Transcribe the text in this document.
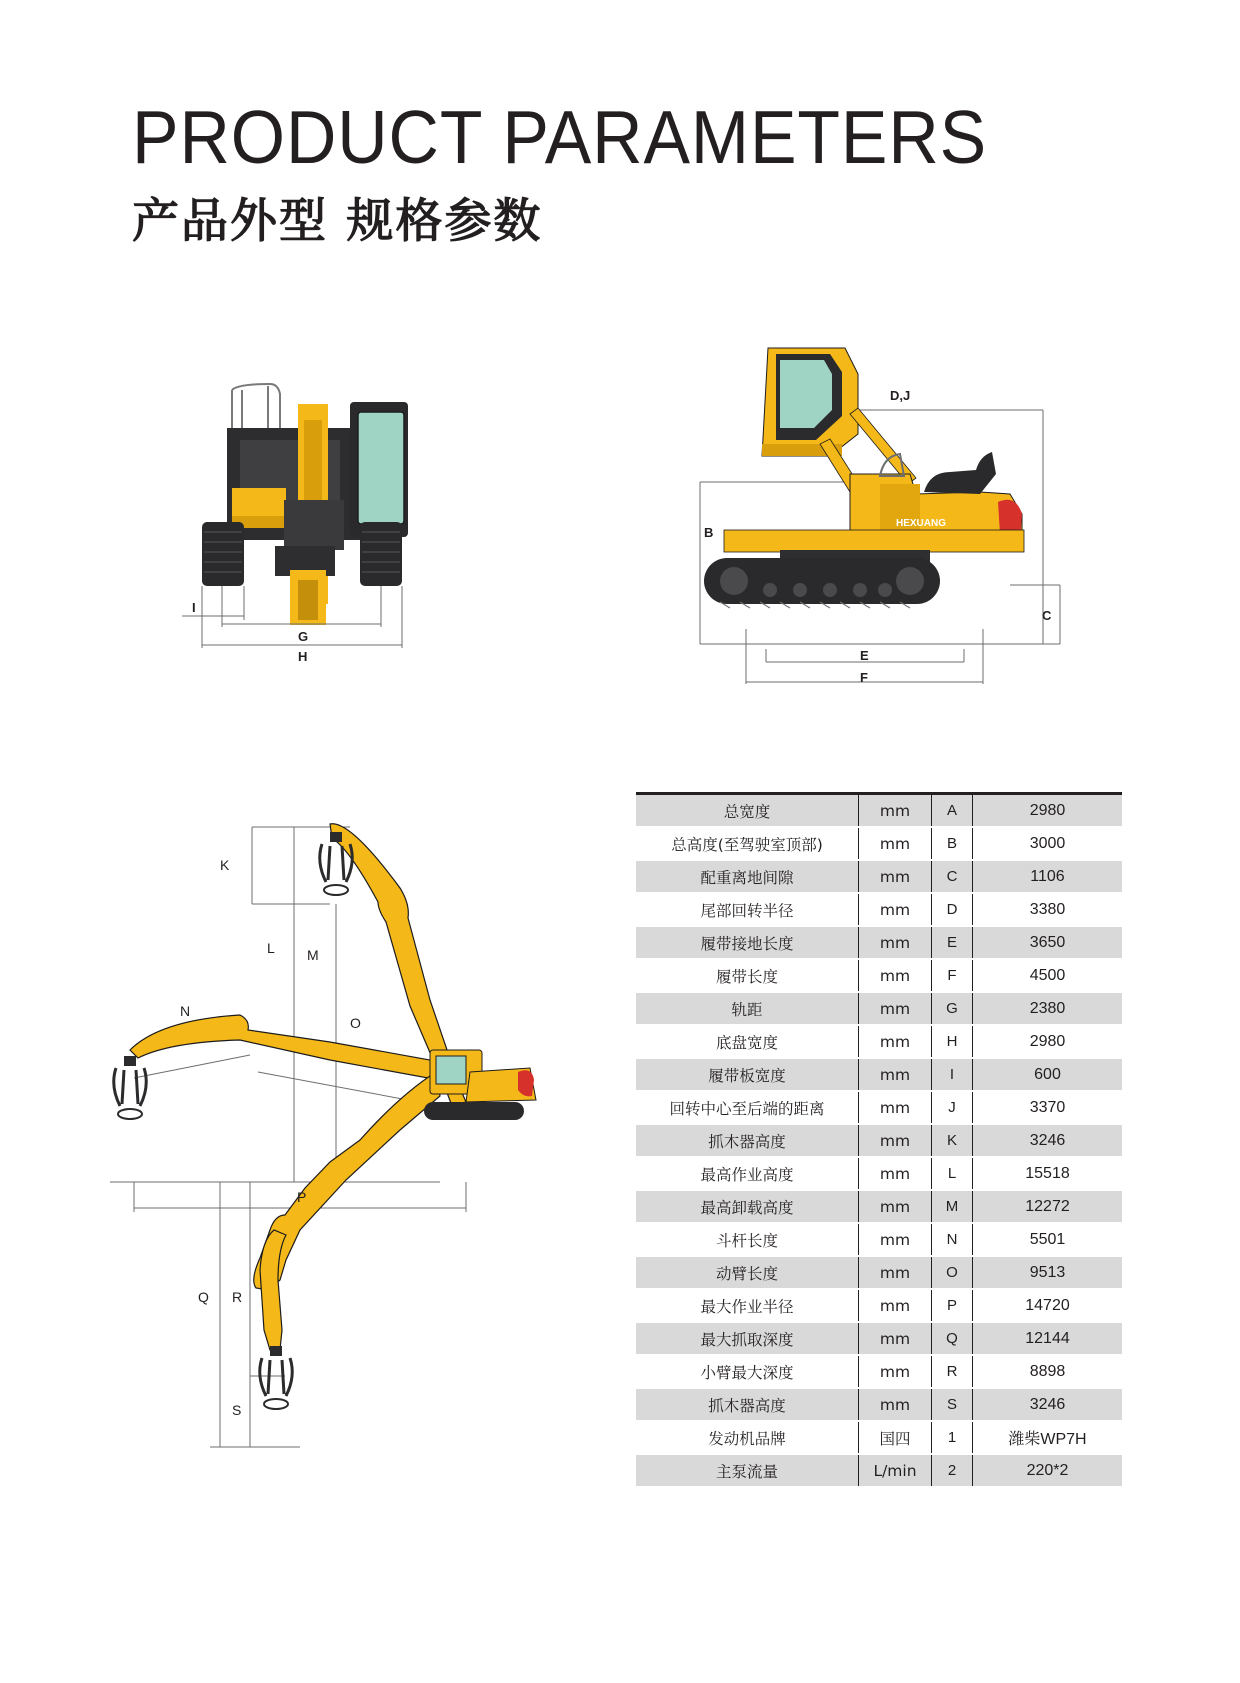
PRODUCT PARAMETERS
产品外型 规格参数
I
G
H
HEXUANG
D,J
B
C
E
F
K
L M
N
O
P
Q R
S
总宽度	mm	A	2980
总高度(至驾驶室顶部)	mm	B	3000
配重离地间隙	mm	C	1106
尾部回转半径	mm	D	3380
履带接地长度	mm	E	3650
履带长度	mm	F	4500
轨距	mm	G	2380
底盘宽度	mm	H	2980
履带板宽度	mm	I	600
回转中心至后端的距离	mm	J	3370
抓木器高度	mm	K	3246
最高作业高度	mm	L	15518
最高卸载高度	mm	M	12272
斗杆长度	mm	N	5501
动臂长度	mm	O	9513
最大作业半径	mm	P	14720
最大抓取深度	mm	Q	12144
小臂最大深度	mm	R	8898
抓木器高度	mm	S	3246
发动机品牌	国四	1	潍柴WP7H
主泵流量	L/min	2	220*2
